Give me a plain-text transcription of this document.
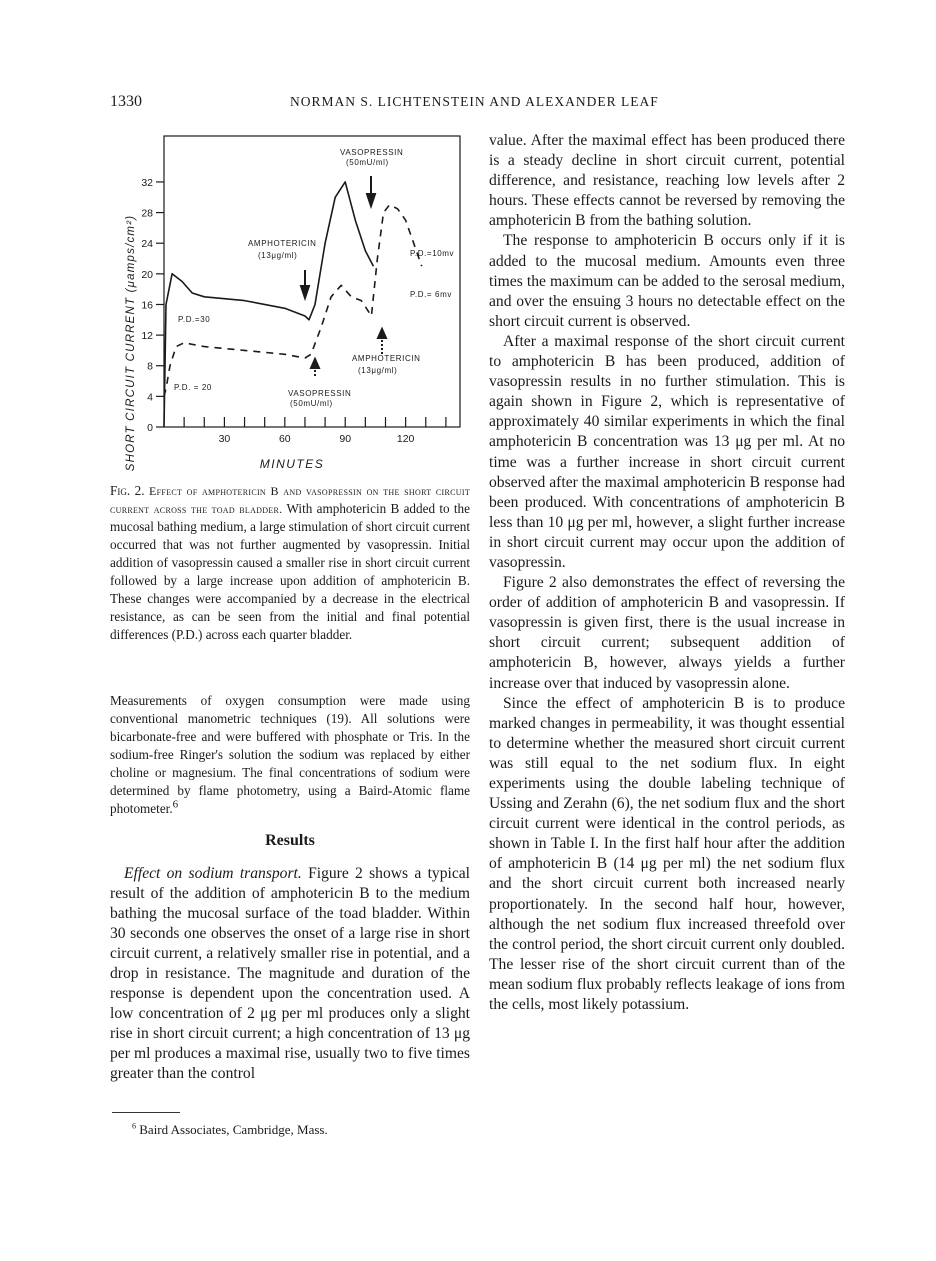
1330	NORMAN S. LICHTENSTEIN AND ALEXANDER LEAF
SHORT CIRCUIT CURRENT (μamps/cm²)	MINUTES
0
4
8
12
16
20
24
28
32
30	60	90	120
VASOPRESSIN
(50mU/ml)
AMPHOTERICIN
(13μg/ml)	P.D.=10mv
P.D.= 6mv
P.D.=30
AMPHOTERICIN
(13μg/ml)
P.D. = 20
VASOPRESSIN
(50mU/ml)
Fig. 2. Effect of amphotericin B and vasopressin on the short circuit current across the toad bladder. With amphotericin B added to the mucosal bathing medium, a large stimulation of short circuit current occurred that was not further augmented by vasopressin. Initial addition of vasopressin caused a smaller rise in short circuit current followed by a large increase upon addition of amphotericin B. These changes were accompanied by a decrease in the electrical resistance, as can be seen from the initial and final potential differences (P.D.) across each quarter bladder.
Measurements of oxygen consumption were made using conventional manometric techniques (19). All solutions were bicarbonate-free and were buffered with phosphate or Tris. In the sodium-free Ringer's solution the sodium was replaced by either choline or magnesium. The final concentrations of sodium were determined by flame photometry, using a Baird-Atomic flame photometer.$^6$
Results

Effect on sodium transport. Figure 2 shows a typical result of the addition of amphotericin B to the medium bathing the mucosal surface of the toad bladder. Within 30 seconds one observes the onset of a large rise in short circuit current, a relatively smaller rise in potential, and a drop in resistance. The magnitude and duration of the response is dependent upon the concentration used. A low concentration of 2 μg per ml produces only a slight rise in short circuit current; a high concentration of 13 μg per ml produces a maximal rise, usually two to five times greater than the control

$^6$ Baird Associates, Cambridge, Mass.

value. After the maximal effect has been produced there is a steady decline in short circuit current, potential difference, and resistance, reaching low levels after 2 hours. These effects cannot be reversed by removing the amphotericin B from the bathing solution.

The response to amphotericin B occurs only if it is added to the mucosal medium. Amounts even three times the maximum can be added to the serosal medium, and over the ensuing 3 hours no detectable effect on the short circuit current is observed.

After a maximal response of the short circuit current to amphotericin B has been produced, addition of vasopressin results in no further stimulation. This is again shown in Figure 2, which is representative of approximately 40 similar experiments in which the final amphotericin B concentration was 13 μg per ml. At no time was a further increase in short circuit current observed after the maximal amphotericin B response had been produced. With concentrations of amphotericin B less than 10 μg per ml, however, a slight further increase in short circuit current may occur upon the addition of vasopressin.

Figure 2 also demonstrates the effect of reversing the order of addition of amphotericin B and vasopressin. If vasopressin is given first, there is the usual increase in short circuit current; subsequent addition of amphotericin B, however, always yields a further increase over that induced by vasopressin alone.

Since the effect of amphotericin B is to produce marked changes in permeability, it was thought essential to determine whether the measured short circuit current was still equal to the net sodium flux. In eight experiments using the double labeling technique of Ussing and Zerahn (6), the net sodium flux and the short circuit current were identical in the control periods, as shown in Table I. In the first half hour after the addition of amphotericin B (14 μg per ml) the net sodium flux and the short circuit current both increased nearly proportionately. In the second half hour, however, although the net sodium flux increased threefold over the control period, the short circuit current only doubled. The lesser rise of the short circuit current than of the mean sodium flux probably reflects leakage of ions from the cells, most likely potassium.
